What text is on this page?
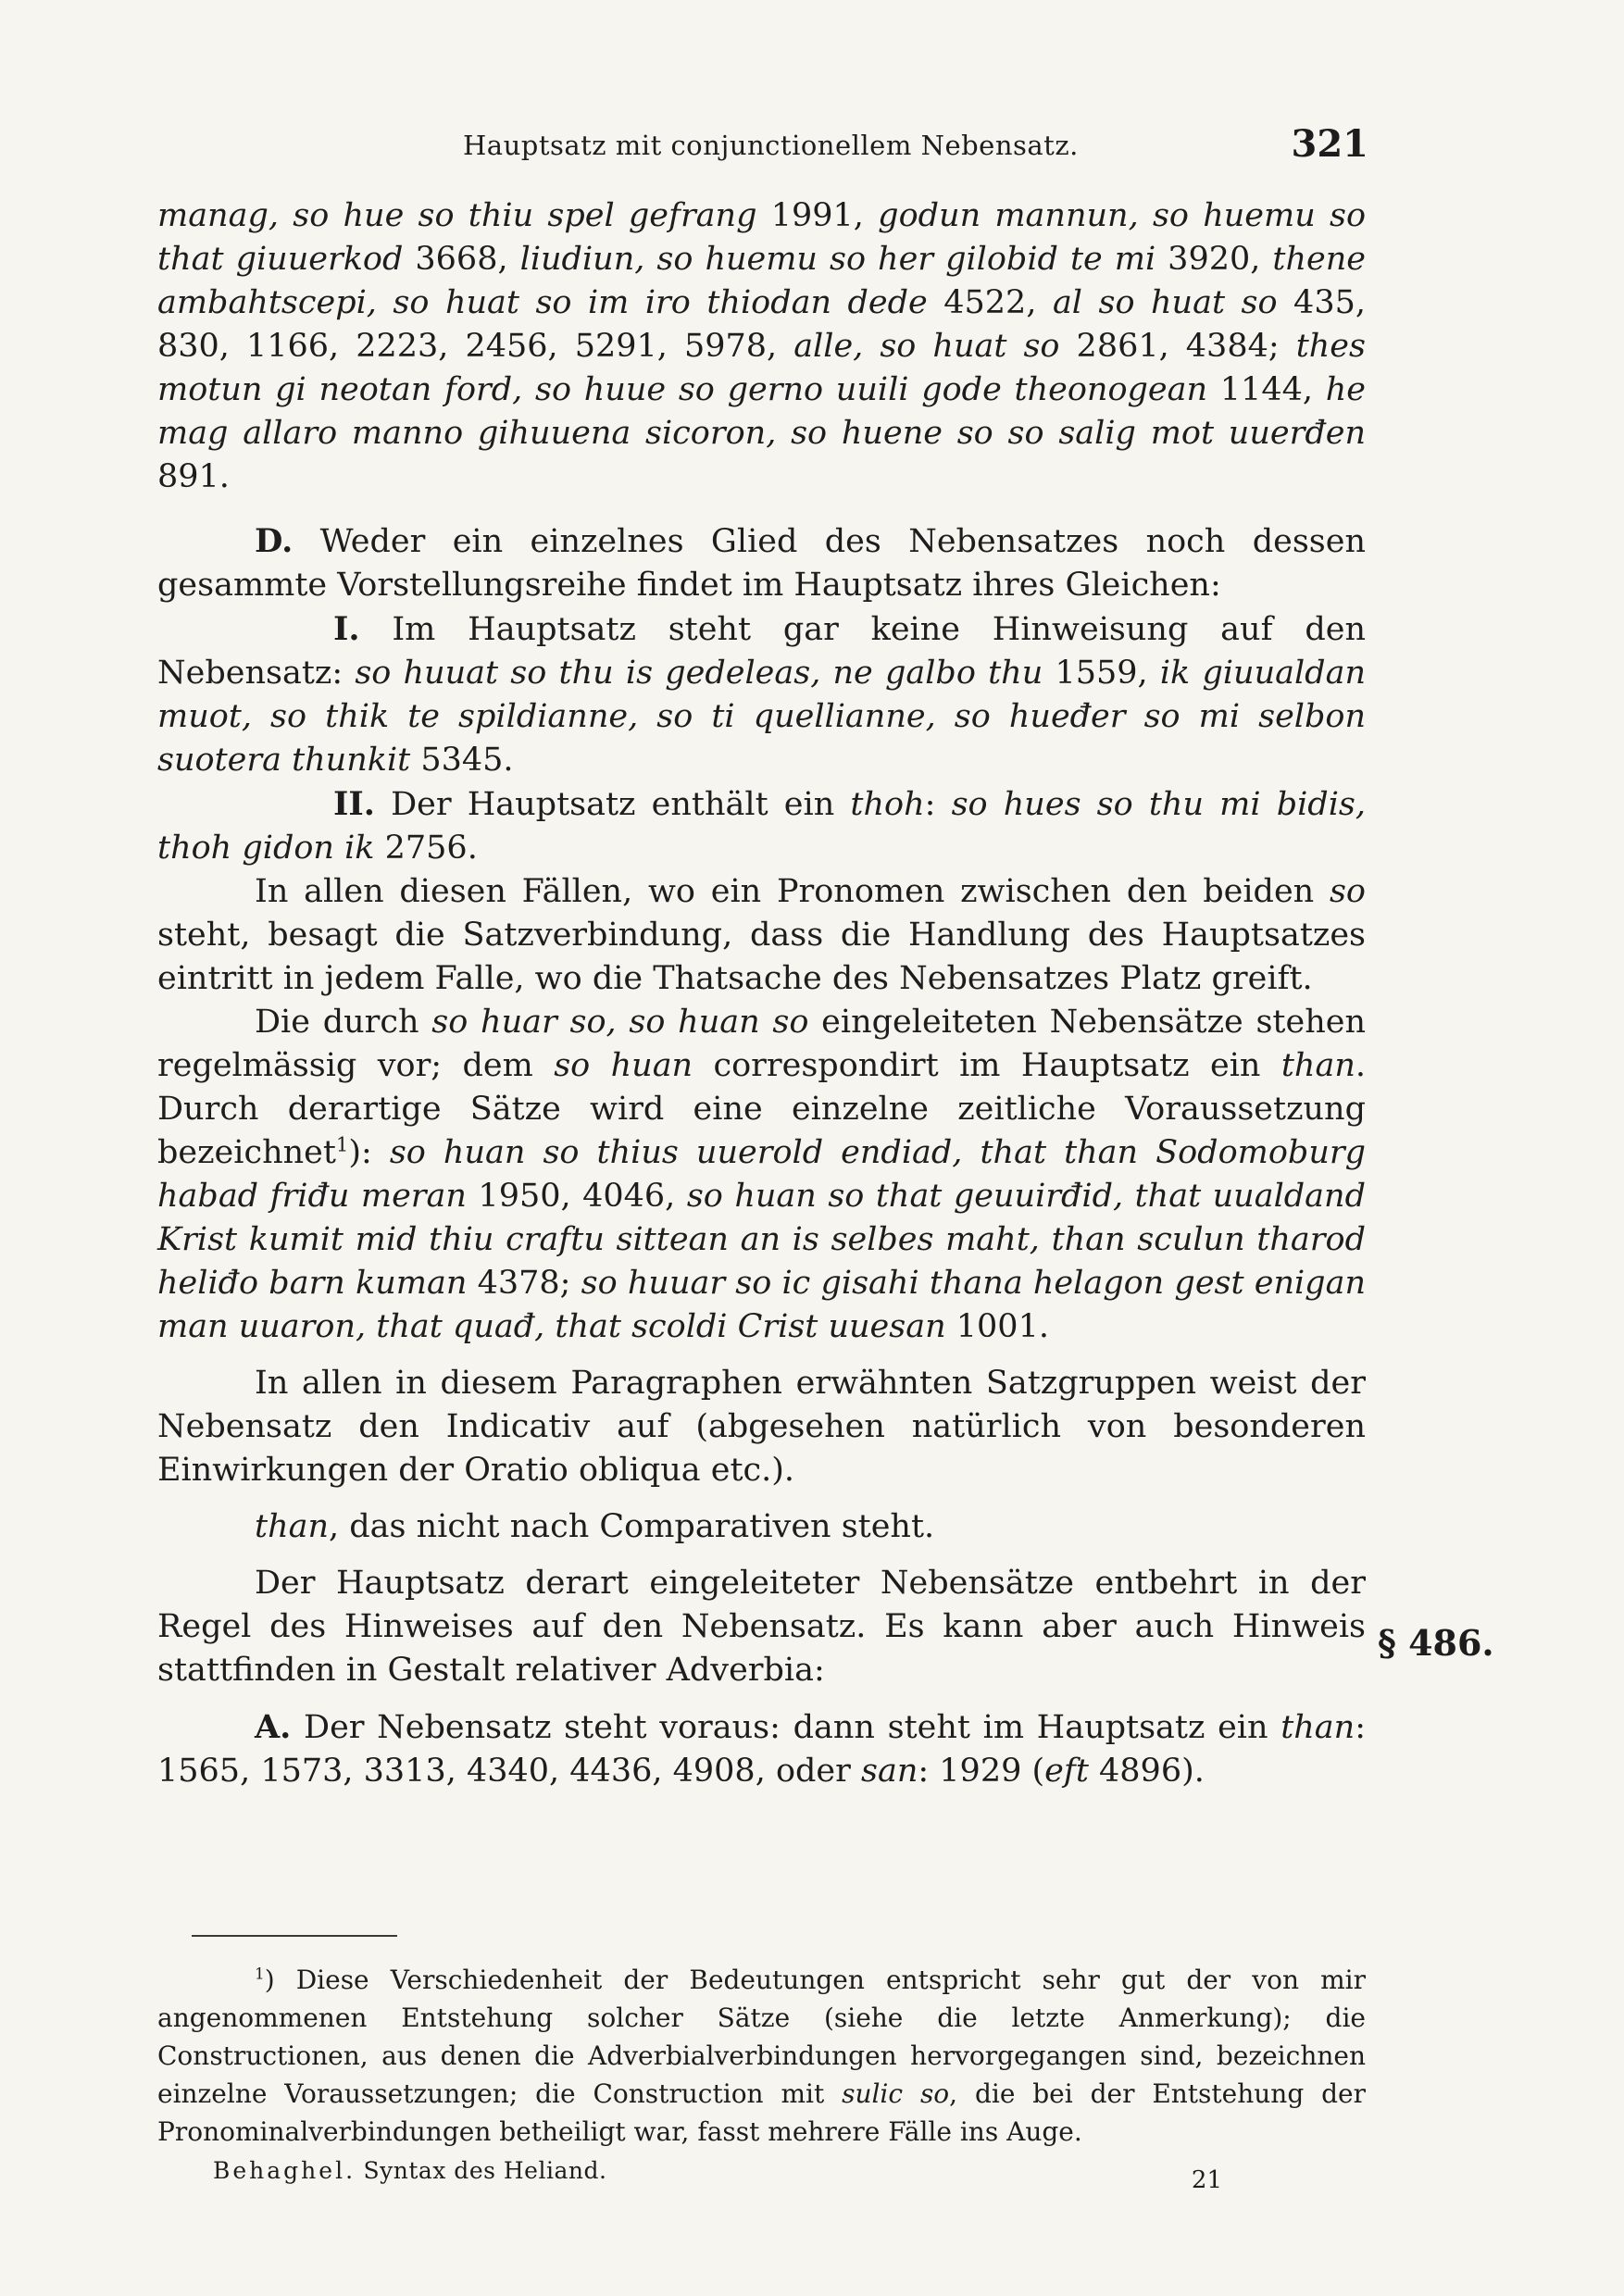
Hauptsatz mit conjunctionellem Nebensatz.	321

manag, so hue so thiu spel gefrang 1991, godun mannun, so huemu so that giuuerkod 3668, liudiun, so huemu so her gilobid te mi 3920, thene ambahtscepi, so huat so im iro thiodan dede 4522, al so huat so 435, 830, 1166, 2223, 2456, 5291, 5978, alle, so huat so 2861, 4384; thes motun gi neotan ford, so huue so gerno uuili gode theonogean 1144, he mag allaro manno gihuuena sicoron, so huene so so salig mot uuerđen 891.

D. Weder ein einzelnes Glied des Nebensatzes noch dessen gesammte Vorstellungsreihe findet im Hauptsatz ihres Gleichen:

I. Im Hauptsatz steht gar keine Hinweisung auf den Nebensatz: so huuat so thu is gedeleas, ne galbo thu 1559, ik giuualdan muot, so thik te spildianne, so ti quellianne, so hueđer so mi selbon suotera thunkit 5345.

II. Der Hauptsatz enthält ein thoh: so hues so thu mi bidis, thoh gidon ik 2756.

In allen diesen Fällen, wo ein Pronomen zwischen den beiden so steht, besagt die Satzverbindung, dass die Handlung des Hauptsatzes eintritt in jedem Falle, wo die Thatsache des Nebensatzes Platz greift.

Die durch so huar so, so huan so eingeleiteten Nebensätze stehen regelmässig vor; dem so huan correspondirt im Hauptsatz ein than. Durch derartige Sätze wird eine einzelne zeitliche Voraussetzung bezeichnet$^1$): so huan so thius uuerold endiad, that than Sodomoburg habad friđu meran 1950, 4046, so huan so that geuuirđid, that uualdand Krist kumit mid thiu craftu sittean an is selbes maht, than sculun tharod heliđo barn kuman 4378; so huuar so ic gisahi thana helagon gest enigan man uuaron, that quađ, that scoldi Crist uuesan 1001.

In allen in diesem Paragraphen erwähnten Satzgruppen weist der Nebensatz den Indicativ auf (abgesehen natürlich von besonderen Einwirkungen der Oratio obliqua etc.).

than, das nicht nach Comparativen steht.

Der Hauptsatz derart eingeleiteter Nebensätze entbehrt in der Regel des Hinweises auf den Nebensatz. Es kann aber auch Hinweis stattfinden in Gestalt relativer Adverbia:

A. Der Nebensatz steht voraus: dann steht im Hauptsatz ein than: 1565, 1573, 3313, 4340, 4436, 4908, oder san: 1929 (eft 4896).

§ 486.

$^1$) Diese Verschiedenheit der Bedeutungen entspricht sehr gut der von mir angenommenen Entstehung solcher Sätze (siehe die letzte Anmerkung); die Constructionen, aus denen die Adverbialverbindungen hervorgegangen sind, bezeichnen einzelne Voraussetzungen; die Construction mit sulic so, die bei der Entstehung der Pronominalverbindungen betheiligt war, fasst mehrere Fälle ins Auge.

Behaghel. Syntax des Heliand.	21
